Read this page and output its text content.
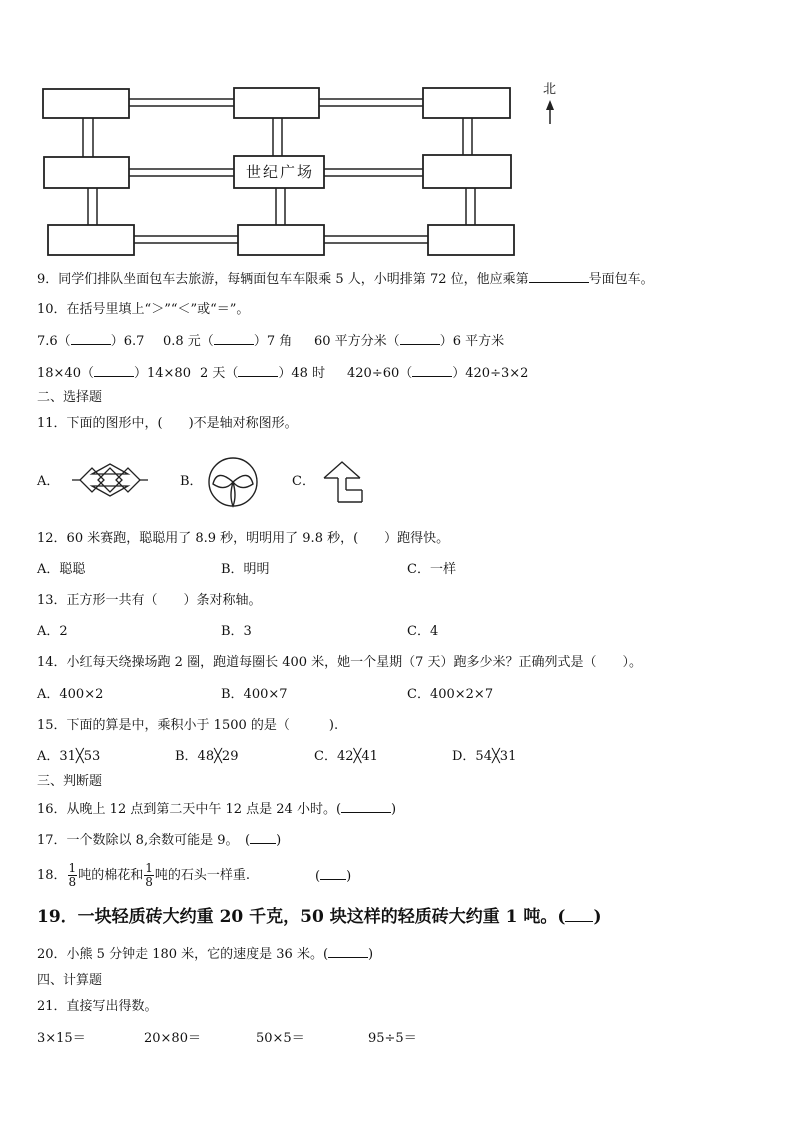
世纪广场
北
9．同学们排队坐面包车去旅游，每辆面包车车限乘 5 人，小明排第 72 位，他应乘第	号面包车。
10．在括号里填上“＞”“＜”或“＝”。
7.6（	）6.7 0.8 元（	）7 角 60 平方分米（	）6 平方米
18×40（	）14×80 2 天（	）48 时 420÷60（	）420÷3×2
二、选择题
11．下面的图形中，(　　)不是轴对称图形。
A．	B．	C．
12．60 米赛跑，聪聪用了 8.9 秒，明明用了 9.8 秒，(　　）跑得快。
A．聪聪	B．明明	C．一样
13．正方形一共有（　　）条对称轴。
A．2	B．3	C．4
14．小红每天绕操场跑 2 圈，跑道每圈长 400 米，她一个星期（7 天）跑多少米？正确列式是（　　）。
A．400×2	B．400×7	C．400×2×7
15．下面的算是中，乘积小于 1500 的是（　　　).
A．31╳53	B．48╳29	C．42╳41	D．54╳31
三、判断题
16．从晚上 12 点到第二天中午 12 点是 24 小时。(	)
17．一个数除以 8,余数可能是 9。　( )
18． $\frac{1}{8}$ 吨的棉花和 $\frac{1}{8}$ 吨的石头一样重.	( )
19．一块轻质砖大约重 20 千克，50 块这样的轻质砖大约重 1 吨。( )
20．小熊 5 分钟走 180 米，它的速度是 36 米。(	)
四、计算题
21．直接写出得数。
3×15＝	20×80＝	50×5＝	95÷5＝
